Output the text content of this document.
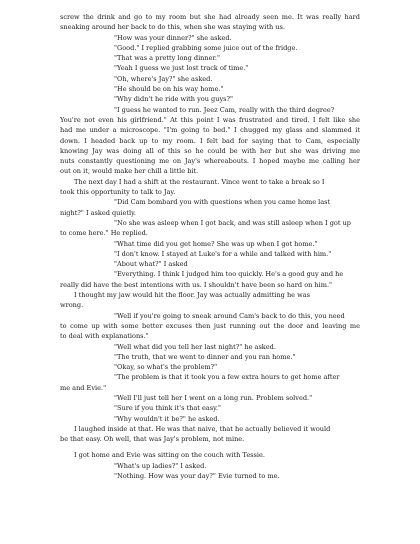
screw the drink and go to my room but she had already seen me. It was really hard
sneaking around her back to do this, when she was staying with us.
"How was your dinner?" she asked.
"Good." I replied grabbing some juice out of the fridge.
"That was a pretty long dinner."
"Yeah I guess we just lost track of time."
"Oh, where's Jay?" she asked.
"He should be on his way home."
"Why didn't he ride with you guys?"
"I guess he wanted to run. Jeez Cam, really with the third degree?
You're not even his girlfriend." At this point I was frustrated and tired. I felt like she
had me under a microscope. "I'm going to bed." I chugged my glass and slammed it
down. I headed back up to my room. I felt bad for saying that to Cam, especially
knowing Jay was doing all of this so he could be with her but she was driving me
nuts constantly questioning me on Jay's whereabouts. I hoped maybe me calling her
out on it, would make her chill a little bit.
The next day I had a shift at the restaurant. Vince went to take a break so I
took this opportunity to talk to Jay.
"Did Cam bombard you with questions when you came home last
night?" I asked quietly.
"No she was asleep when I got back, and was still asleep when I got up
to come here." He replied.
"What time did you get home? She was up when I got home."
"I don't know. I stayed at Luke's for a while and talked with him."
"About what?" I asked
"Everything. I think I judged him too quickly. He's a good guy and he
really did have the best intentions with us. I shouldn't have been so hard on him."
I thought my jaw would hit the floor. Jay was actually admitting he was
wrong.
"Well if you're going to sneak around Cam's back to do this, you need
to come up with some better excuses then just running out the door and leaving me
to deal with explanations."
"Well what did you tell her last night?" he asked.
"The truth, that we went to dinner and you ran home."
"Okay, so what's the problem?"
"The problem is that it took you a few extra hours to get home after
me and Evie."
"Well I'll just tell her I went on a long run. Problem solved."
"Sure if you think it's that easy."
"Why wouldn't it be?" he asked.
I laughed inside at that. He was that naive, that he actually believed it would
be that easy. Oh well, that was Jay's problem, not mine.
I got home and Evie was sitting on the couch with Tessie.
"What's up ladies?" I asked.
"Nothing. How was your day?" Evie turned to me.
